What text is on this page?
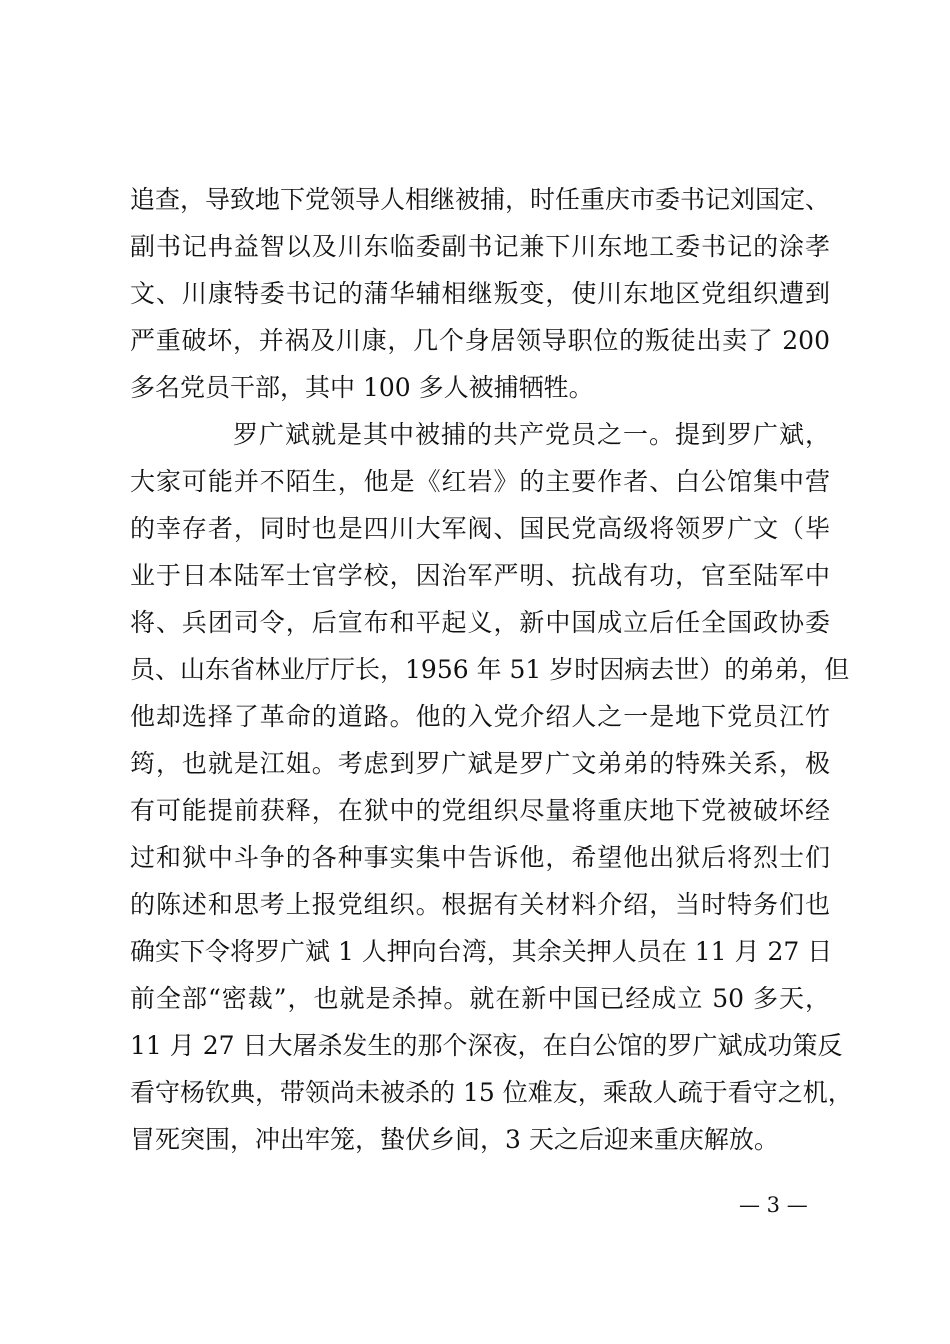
追查，导致地下党领导人相继被捕，时任重庆市委书记刘国定、
副书记冉益智以及川东临委副书记兼下川东地工委书记的涂孝
文、川康特委书记的蒲华辅相继叛变，使川东地区党组织遭到
严重破坏，并祸及川康，几个身居领导职位的叛徒出卖了 200
多名党员干部，其中 100 多人被捕牺牲。
罗广斌就是其中被捕的共产党员之一。提到罗广斌，
大家可能并不陌生，他是《红岩》的主要作者、白公馆集中营
的幸存者，同时也是四川大军阀、国民党高级将领罗广文（毕
业于日本陆军士官学校，因治军严明、抗战有功，官至陆军中
将、兵团司令，后宣布和平起义，新中国成立后任全国政协委
员、山东省林业厅厅长，1956 年 51 岁时因病去世）的弟弟，但
他却选择了革命的道路。他的入党介绍人之一是地下党员江竹
筠，也就是江姐。考虑到罗广斌是罗广文弟弟的特殊关系，极
有可能提前获释，在狱中的党组织尽量将重庆地下党被破坏经
过和狱中斗争的各种事实集中告诉他，希望他出狱后将烈士们
的陈述和思考上报党组织。根据有关材料介绍，当时特务们也
确实下令将罗广斌 1 人押向台湾，其余关押人员在 11 月 27 日
前全部“密裁”，也就是杀掉。就在新中国已经成立 50 多天，
11 月 27 日大屠杀发生的那个深夜，在白公馆的罗广斌成功策反
看守杨钦典，带领尚未被杀的 15 位难友，乘敌人疏于看守之机，
冒死突围，冲出牢笼，蛰伏乡间，3 天之后迎来重庆解放。
— 3 —
